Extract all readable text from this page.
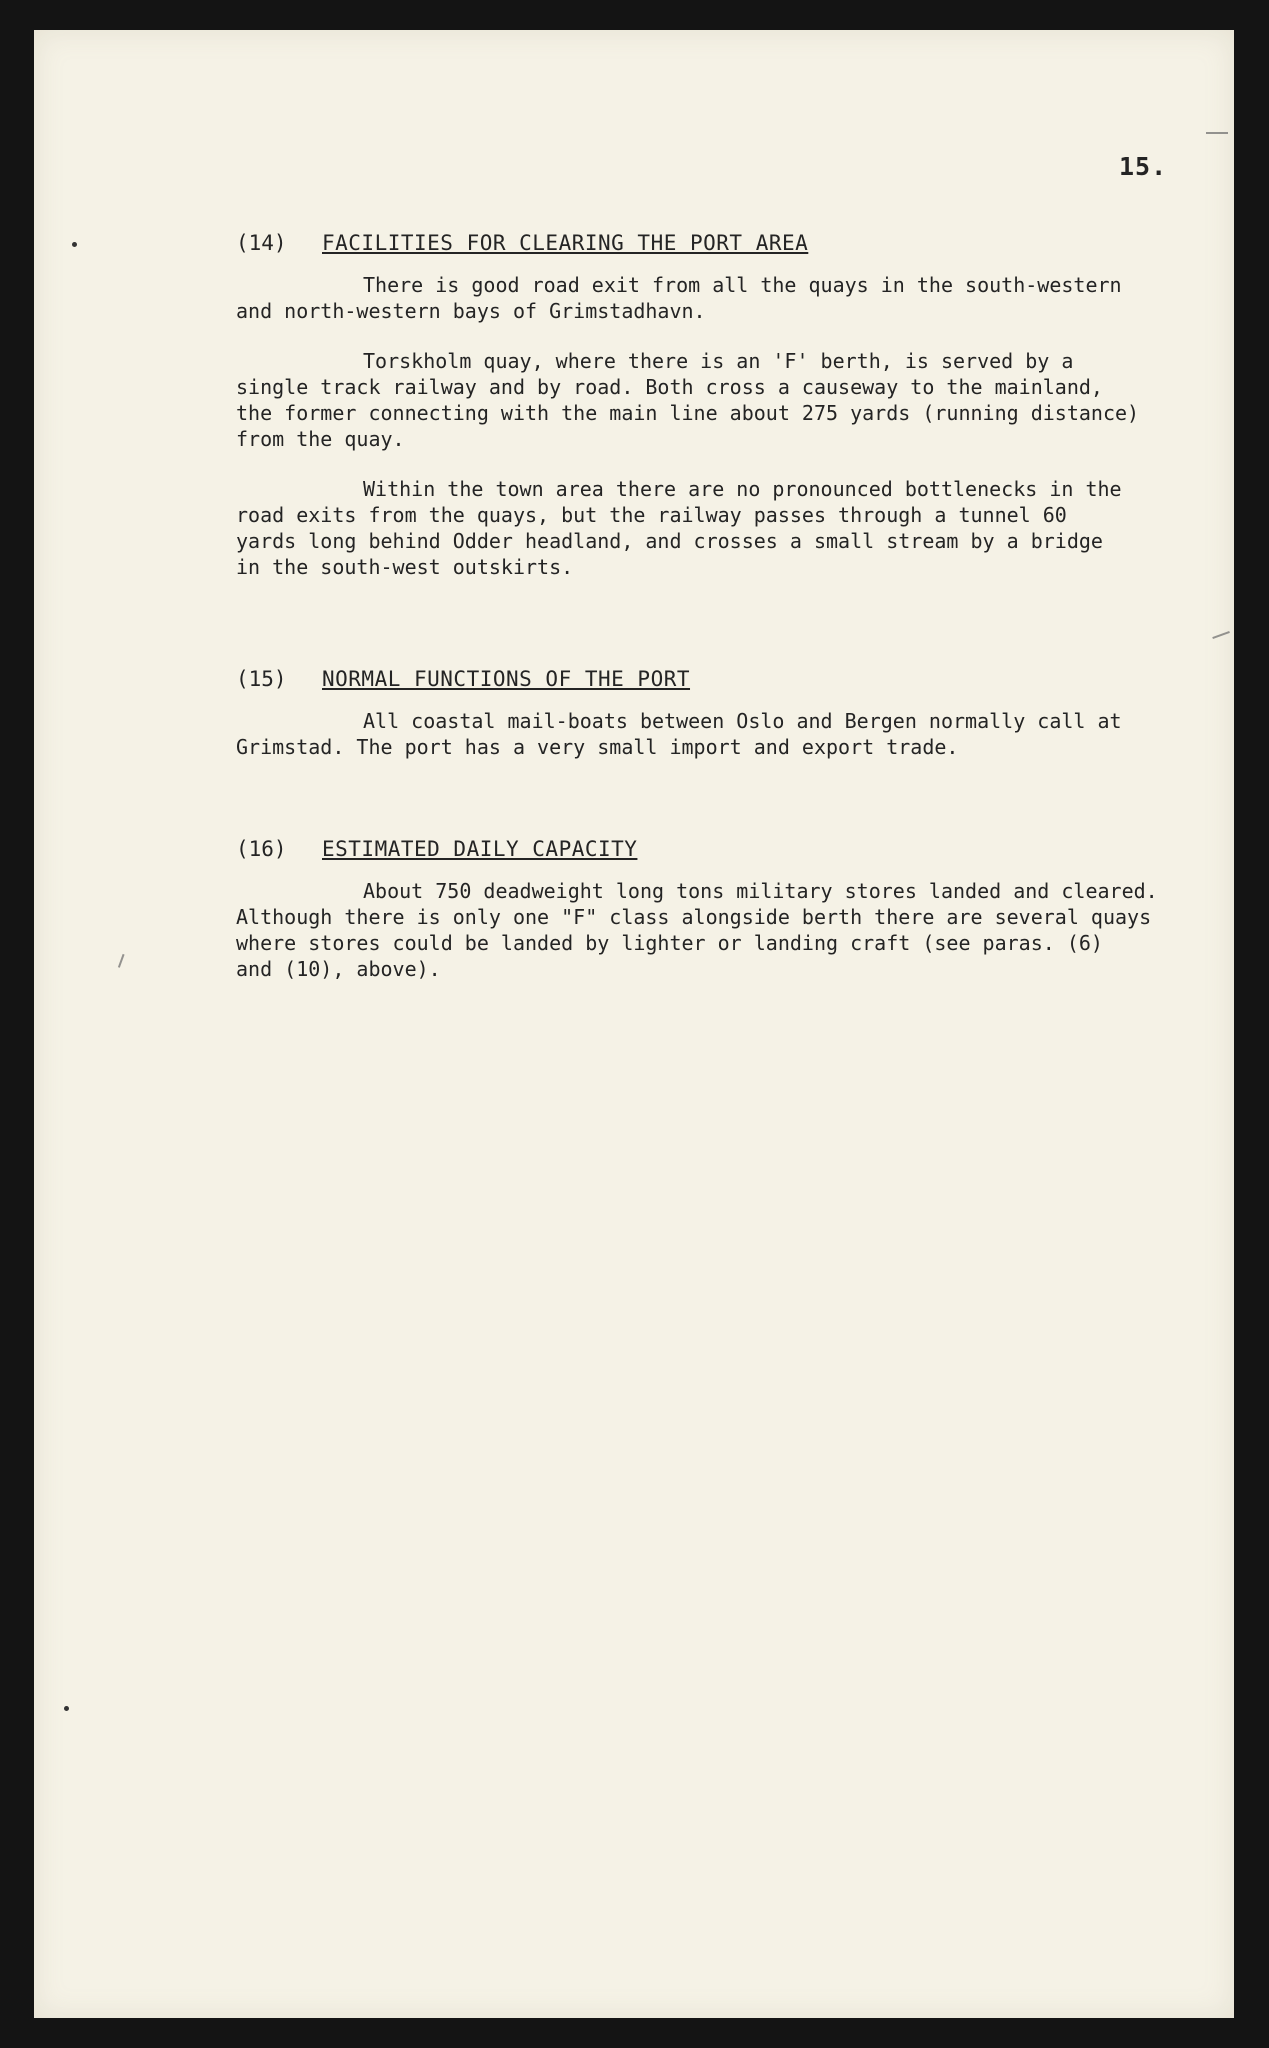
15.
(14) FACILITIES FOR CLEARING THE PORT AREA
There is good road exit from all the quays in the south-western
and north-western bays of Grimstadhavn.
Torskholm quay, where there is an 'F' berth, is served by a
single track railway and by road. Both cross a causeway to the mainland,
the former connecting with the main line about 275 yards (running distance)
from the quay.
Within the town area there are no pronounced bottlenecks in the
road exits from the quays, but the railway passes through a tunnel 60
yards long behind Odder headland, and crosses a small stream by a bridge
in the south-west outskirts.
(15) NORMAL FUNCTIONS OF THE PORT
All coastal mail-boats between Oslo and Bergen normally call at
Grimstad. The port has a very small import and export trade.
(16) ESTIMATED DAILY CAPACITY
About 750 deadweight long tons military stores landed and cleared.
Although there is only one "F" class alongside berth there are several quays
where stores could be landed by lighter or landing craft (see paras. (6)
and (10), above).
